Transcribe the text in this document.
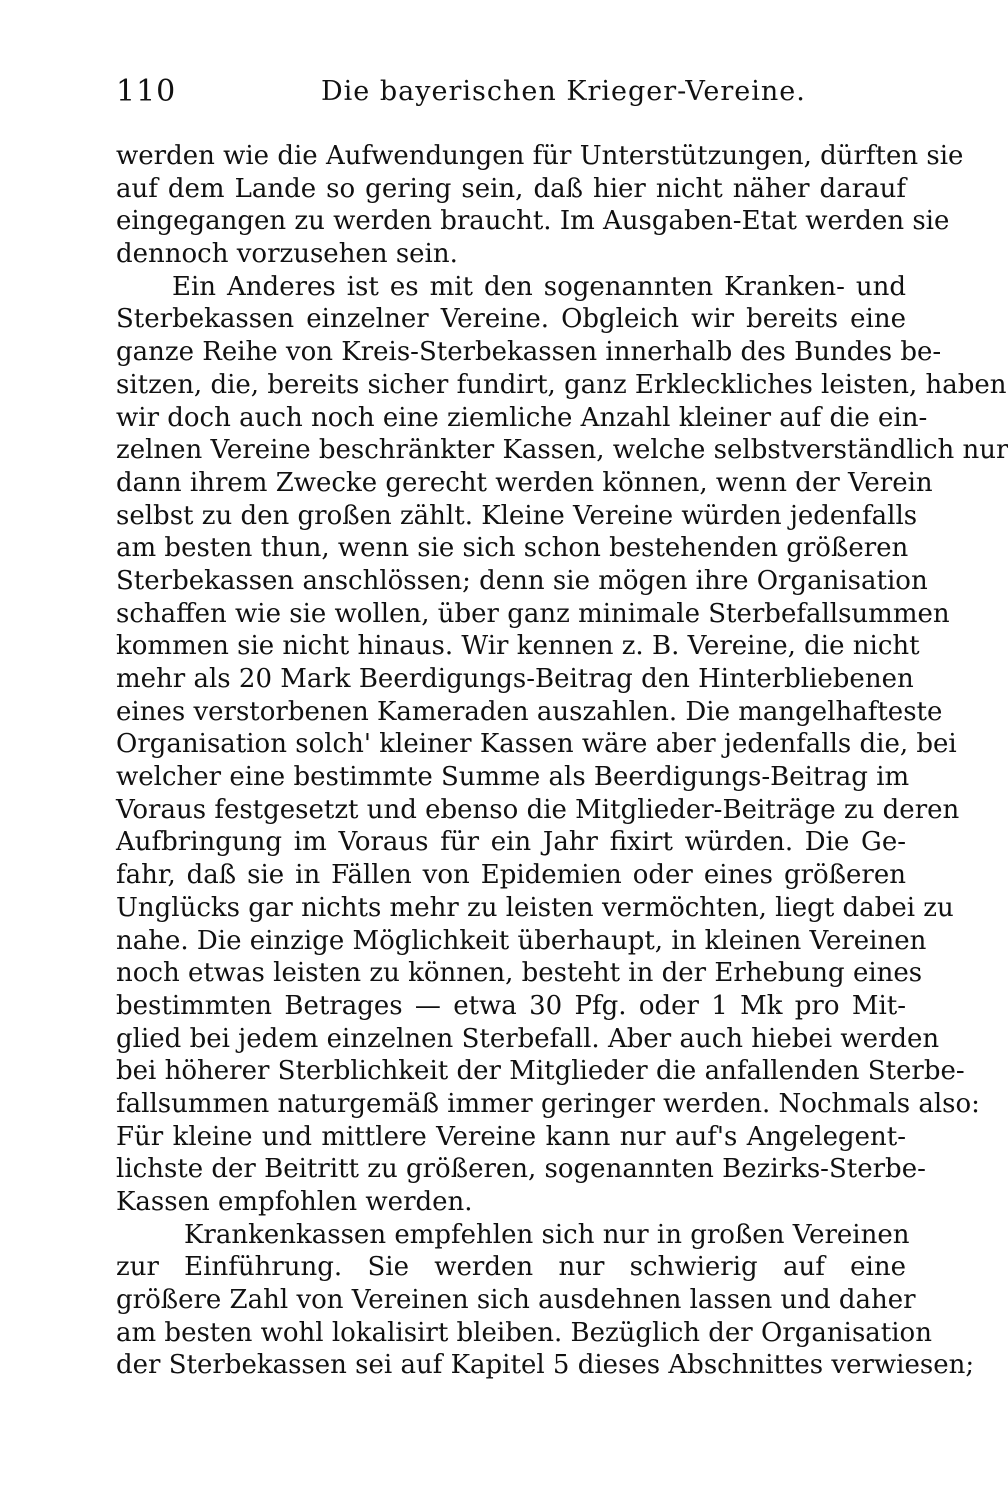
110	Die bayerischen Krieger-Vereine.
werden wie die Aufwendungen für Unterstützungen, dürften sie
auf dem Lande so gering sein, daß hier nicht näher darauf
eingegangen zu werden braucht. Im Ausgaben-Etat werden sie
dennoch vorzusehen sein.
Ein Anderes ist es mit den sogenannten Kranken- und
Sterbekassen einzelner Vereine. Obgleich wir bereits eine
ganze Reihe von Kreis-Sterbekassen innerhalb des Bundes be-
sitzen, die, bereits sicher fundirt, ganz Erkleckliches leisten, haben
wir doch auch noch eine ziemliche Anzahl kleiner auf die ein-
zelnen Vereine beschränkter Kassen, welche selbstverständlich nur
dann ihrem Zwecke gerecht werden können, wenn der Verein
selbst zu den großen zählt. Kleine Vereine würden jedenfalls
am besten thun, wenn sie sich schon bestehenden größeren
Sterbekassen anschlössen; denn sie mögen ihre Organisation
schaffen wie sie wollen, über ganz minimale Sterbefallsummen
kommen sie nicht hinaus. Wir kennen z. B. Vereine, die nicht
mehr als 20 Mark Beerdigungs-Beitrag den Hinterbliebenen
eines verstorbenen Kameraden auszahlen. Die mangelhafteste
Organisation solch' kleiner Kassen wäre aber jedenfalls die, bei
welcher eine bestimmte Summe als Beerdigungs-Beitrag im
Voraus festgesetzt und ebenso die Mitglieder-Beiträge zu deren
Aufbringung im Voraus für ein Jahr fixirt würden. Die Ge-
fahr, daß sie in Fällen von Epidemien oder eines größeren
Unglücks gar nichts mehr zu leisten vermöchten, liegt dabei zu
nahe. Die einzige Möglichkeit überhaupt, in kleinen Vereinen
noch etwas leisten zu können, besteht in der Erhebung eines
bestimmten Betrages — etwa 30 Pfg. oder 1 Mk pro Mit-
glied bei jedem einzelnen Sterbefall. Aber auch hiebei werden
bei höherer Sterblichkeit der Mitglieder die anfallenden Sterbe-
fallsummen naturgemäß immer geringer werden. Nochmals also:
Für kleine und mittlere Vereine kann nur auf's Angelegent-
lichste der Beitritt zu größeren, sogenannten Bezirks-Sterbe-
Kassen empfohlen werden.
Krankenkassen empfehlen sich nur in großen Vereinen
zur Einführung. Sie werden nur schwierig auf eine
größere Zahl von Vereinen sich ausdehnen lassen und daher
am besten wohl lokalisirt bleiben. Bezüglich der Organisation
der Sterbekassen sei auf Kapitel 5 dieses Abschnittes verwiesen;
